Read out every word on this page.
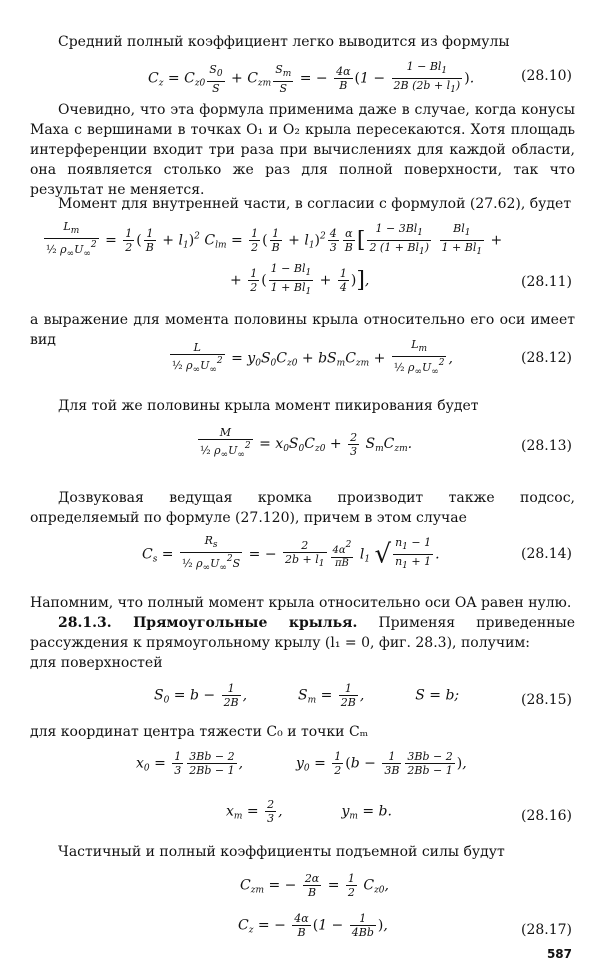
Средний полный коэффициент легко выводится из формулы
$C_z = C_{z0} \frac{S_0}{S} + C_{zm} \frac{S_m}{S}$ = − $\frac{4\alpha}{B} (1 - \frac{1 - Bl_1}{2B (2b + l_1)}$ ).	(28.10)
Очевидно, что эта формула применима даже в случае, когда конусы Маха с вершинами в точках O₁ и O₂ крыла пересекаются. Хотя площадь интерференции входит три раза при вычислениях для каждой области, она появляется столько же раз для полной поверхности, так что результат не меняется.
Момент для внутренней части, в согласии с формулой (27.62), будет
$\frac{L_m}{\frac{1}{2} \rho_\infty U_\infty^2} = \frac{1}{2}$ ( $\frac{1}{B} + l_1)^2$ $C_{lm} = \frac{1}{2}$ ( $\frac{1}{B} + l_1)^2 \frac{4}{3} \frac{\alpha}{B}$ [ $\frac{1 - 3Bl_1}{2 (1 + Bl_1)}$
$\frac{Bl_1}{1 + Bl_1}$ +
+ $\frac{1}{2}$ ( $\frac{1 - Bl_1}{1 + Bl_1} + \frac{1}{4}$ )],	(28.11)
а выражение для момента половины крыла относительно его оси имеет вид
$\frac{L}{\frac{1}{2} \rho_\infty U_\infty^2} = y_0S_0C_{z0} + bS_mC_{zm} + \frac{L_m}{\frac{1}{2} \rho_\infty U_\infty^2}$ ,	(28.12)
Для той же половины крыла момент пикирования будет
$\frac{M}{\frac{1}{2} \rho_\infty U_\infty^2} = x_0S_0C_{z0} + \frac{2}{3} S_mC_{zm}$.	(28.13)
Дозвуковая ведущая кромка производит также подсос, определяемый по формуле (27.120), причем в этом случае
$C_s = \frac{R_s}{\frac{1}{2} \rho_\infty U_\infty^2S}$ = − $\frac{2}{2b + l_1} \frac{4\alpha 2}{\pi B} l_1$ √ $\frac{n_1 - 1}{n_1 + 1}$ .	(28.14)
Напомним, что полный момент крыла относительно оси OA равен нулю.
28.1.3. Прямоугольные крылья. Применяя приведенные рассуждения к прямоугольному крылу (l₁ = 0, фиг. 28.3), получим:
для поверхностей
$S_0 = b - \frac{1}{2B}$ ,	$S_m = \frac{1}{2B}$ ,	S = b;	(28.15)
для координат центра тяжести C₀ и точки Cₘ
$x_0 = \frac{1}{3} \frac{3Bb - 2}{2Bb - 1}$ ,	$y_0 = \frac{1}{2} (b - \frac{1}{3B} \frac{3Bb - 2}{2Bb - 1}$ ),
$x_m = \frac{2}{3}$ ,	$y_m = b$.	(28.16)
Частичный и полный коэффициенты подъемной силы будут
$C_{zm}$ = − $\frac{2\alpha}{B} = \frac{1}{2} C_{z0}$,
$C_z$ = − $\frac{4\alpha}{B} (1 - \frac{1}{4Bb}$ ),	(28.17)
587
